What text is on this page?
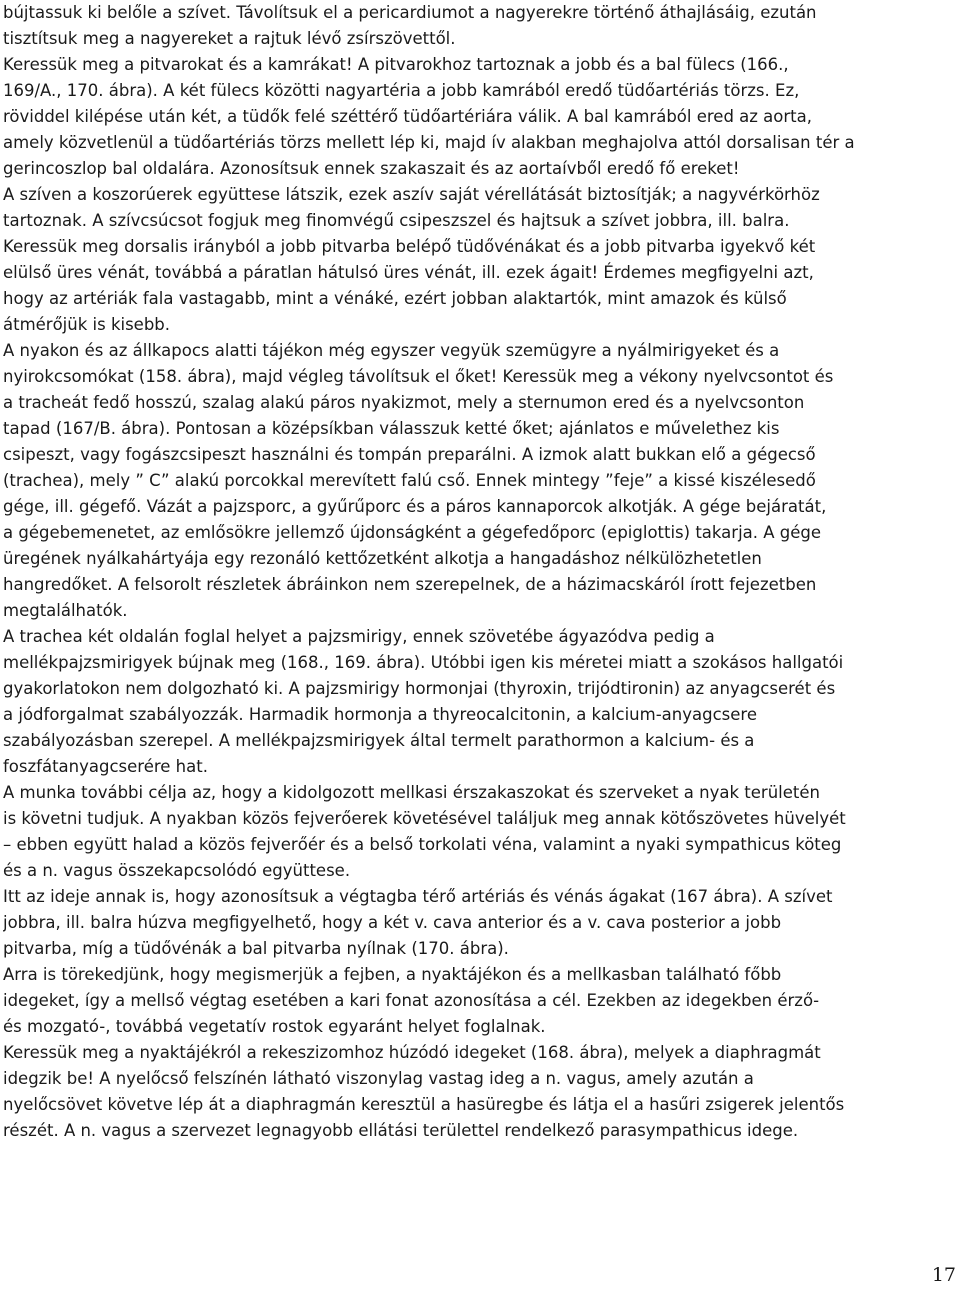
bújtassuk ki belőle a szívet. Távolítsuk el a pericardiumot a nagyerekre történő áthajlásáig, ezután
tisztítsuk meg a nagyereket a rajtuk lévő zsírszövettől.
Keressük meg a pitvarokat és a kamrákat! A pitvarokhoz tartoznak a jobb és a bal fülecs (166.,
169/A., 170. ábra). A két fülecs közötti nagyartéria a jobb kamrából eredő tüdőartériás törzs. Ez,
röviddel kilépése után két, a tüdők felé széttérő tüdőartériára válik. A bal kamrából ered az aorta,
amely közvetlenül a tüdőartériás törzs mellett lép ki, majd ív alakban meghajolva attól dorsalisan tér a
gerincoszlop bal oldalára. Azonosítsuk ennek szakaszait és az aortaívből eredő fő ereket!
A szíven a koszorúerek együttese látszik, ezek aszív saját vérellátását biztosítják; a nagyvérkörhöz
tartoznak. A szívcsúcsot fogjuk meg finomvégű csipeszszel és hajtsuk a szívet jobbra, ill. balra.
Keressük meg dorsalis irányból a jobb pitvarba belépő tüdővénákat és a jobb pitvarba igyekvő két
elülső üres vénát, továbbá a páratlan hátulsó üres vénát, ill. ezek ágait! Érdemes megfigyelni azt,
hogy az artériák fala vastagabb, mint a vénáké, ezért jobban alaktartók, mint amazok és külső
átmérőjük is kisebb.
A nyakon és az állkapocs alatti tájékon még egyszer vegyük szemügyre a nyálmirigyeket és a
nyirokcsomókat (158. ábra), majd végleg távolítsuk el őket! Keressük meg a vékony nyelvcsontot és
a tracheát fedő hosszú, szalag alakú páros nyakizmot, mely a sternumon ered és a nyelvcsonton
tapad (167/B. ábra). Pontosan a középsíkban válasszuk ketté őket; ajánlatos e művelethez kis
csipeszt, vagy fogászcsipeszt használni és tompán preparálni. A izmok alatt bukkan elő a gégecső
(trachea), mely ” C” alakú porcokkal merevített falú cső. Ennek mintegy ”feje” a kissé kiszélesedő
gége, ill. gégefő. Vázát a pajzsporc, a gyűrűporc és a páros kannaporcok alkotják. A gége bejáratát,
a gégebemenetet, az emlősökre jellemző újdonságként a gégefedőporc (epiglottis) takarja. A gége
üregének nyálkahártyája egy rezonáló kettőzetként alkotja a hangadáshoz nélkülözhetetlen
hangredőket. A felsorolt részletek ábráinkon nem szerepelnek, de a házimacskáról írott fejezetben
megtalálhatók.
A trachea két oldalán foglal helyet a pajzsmirigy, ennek szövetébe ágyazódva pedig a
mellékpajzsmirigyek bújnak meg (168., 169. ábra). Utóbbi igen kis méretei miatt a szokásos hallgatói
gyakorlatokon nem dolgozható ki. A pajzsmirigy hormonjai (thyroxin, trijódtironin) az anyagcserét és
a jódforgalmat szabályozzák. Harmadik hormonja a thyreocalcitonin, a kalcium-anyagcsere
szabályozásban szerepel. A mellékpajzsmirigyek által termelt parathormon a kalcium- és a
foszfátanyagcserére hat.
A munka további célja az, hogy a kidolgozott mellkasi érszakaszokat és szerveket a nyak területén
is követni tudjuk. A nyakban közös fejverőerek követésével találjuk meg annak kötőszövetes hüvelyét
– ebben együtt halad a közös fejverőér és a belső torkolati véna, valamint a nyaki sympathicus köteg
és a n. vagus összekapcsolódó együttese.
Itt az ideje annak is, hogy azonosítsuk a végtagba térő artériás és vénás ágakat (167 ábra). A szívet
jobbra, ill. balra húzva megfigyelhető, hogy a két v. cava anterior és a v. cava posterior a jobb
pitvarba, míg a tüdővénák a bal pitvarba nyílnak (170. ábra).
Arra is törekedjünk, hogy megismerjük a fejben, a nyaktájékon és a mellkasban található főbb
idegeket, így a mellső végtag esetében a kari fonat azonosítása a cél. Ezekben az idegekben érző-
és mozgató-, továbbá vegetatív rostok egyaránt helyet foglalnak.
Keressük meg a nyaktájékról a rekeszizomhoz húzódó idegeket (168. ábra), melyek a diaphragmát
idegzik be! A nyelőcső felszínén látható viszonylag vastag ideg a n. vagus, amely azután a
nyelőcsövet követve lép át a diaphragmán keresztül a hasüregbe és látja el a hasűri zsigerek jelentős
részét. A n. vagus a szervezet legnagyobb ellátási területtel rendelkező parasympathicus idege.
17
